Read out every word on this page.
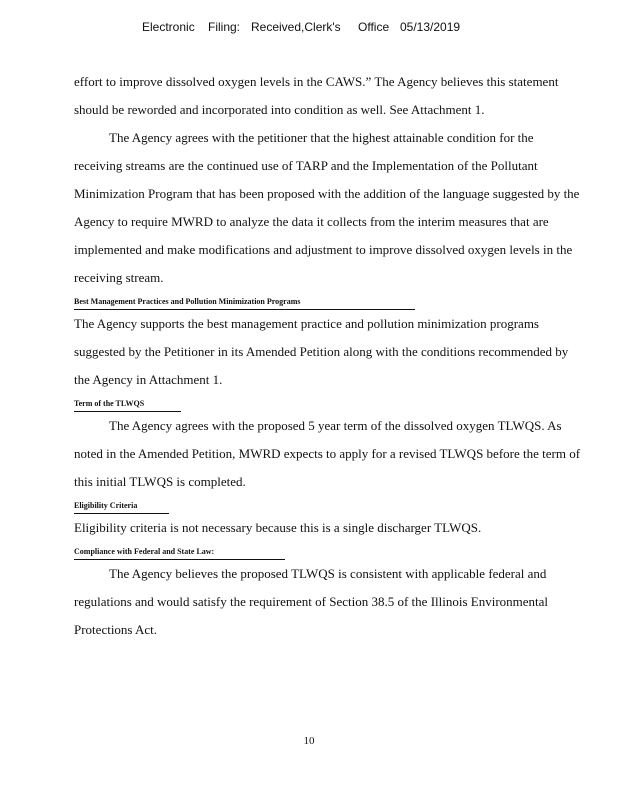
Electronic Filing: Received,Clerk's Office 05/13/2019

effort to improve dissolved oxygen levels in the CAWS.” The Agency believes this statement should be reworded and incorporated into condition as well. See Attachment 1.

The Agency agrees with the petitioner that the highest attainable condition for the receiving streams are the continued use of TARP and the Implementation of the Pollutant Minimization Program that has been proposed with the addition of the language suggested by the Agency to require MWRD to analyze the data it collects from the interim measures that are implemented and make modifications and adjustment to improve dissolved oxygen levels in the receiving stream.

Best Management Practices and Pollution Minimization Programs

The Agency supports the best management practice and pollution minimization programs suggested by the Petitioner in its Amended Petition along with the conditions recommended by the Agency in Attachment 1.

Term of the TLWQS

The Agency agrees with the proposed 5 year term of the dissolved oxygen TLWQS. As noted in the Amended Petition, MWRD expects to apply for a revised TLWQS before the term of this initial TLWQS is completed.

Eligibility Criteria

Eligibility criteria is not necessary because this is a single discharger TLWQS.

Compliance with Federal and State Law:

The Agency believes the proposed TLWQS is consistent with applicable federal and regulations and would satisfy the requirement of Section 38.5 of the Illinois Environmental Protections Act.

10
